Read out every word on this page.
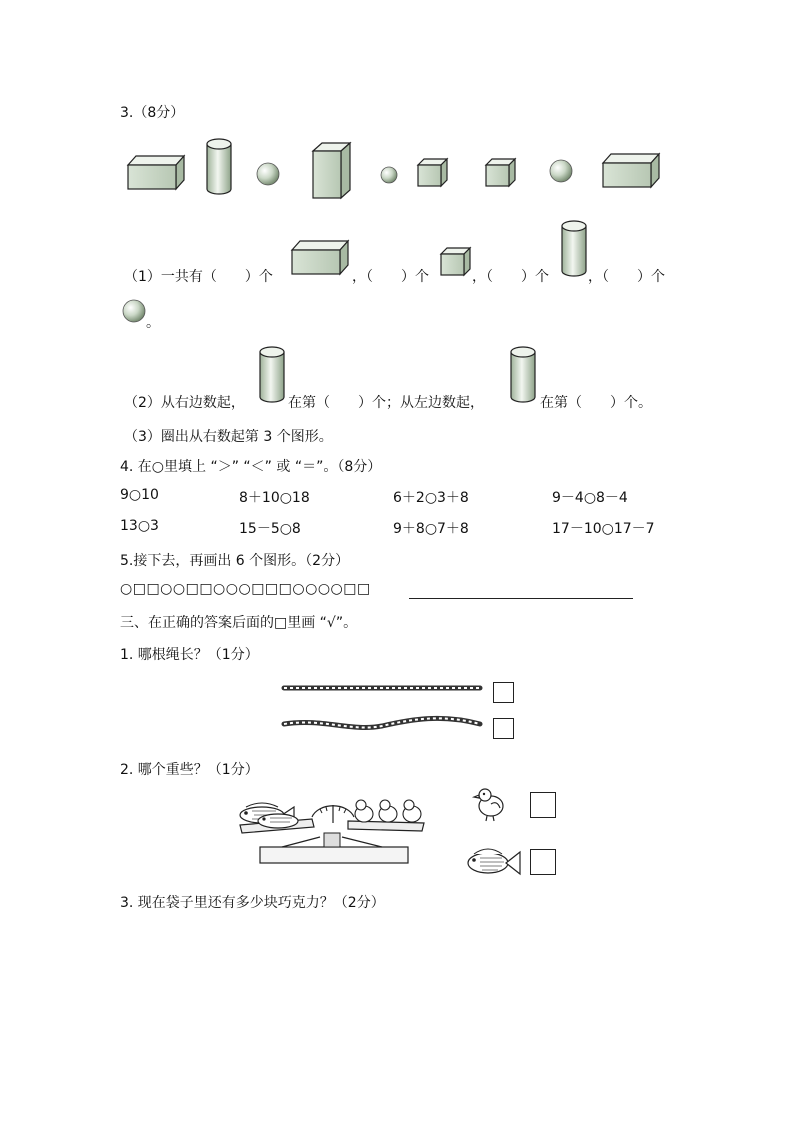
3.（8分）
（1）一共有（　　）个	，（　　）个	，（　　）个	，（　　）个
。
（2）从右边数起，	在第（　　）个；从左边数起，	在第（　　）个。
（3）圈出从右数起第 3 个图形。
4. 在○里填上 “＞” “＜” 或 “＝”。（8分）
9○10	8＋10○18	6＋2○3＋8	9－4○8－4
13○3	15－5○8	9＋8○7＋8	17－10○17－7
5.接下去，再画出 6 个图形。（2分）
○□□○○□□○○○□□□○○○○□□
三、在正确的答案后面的□里画 “√”。
1. 哪根绳长？（1分）
2. 哪个重些？（1分）
3. 现在袋子里还有多少块巧克力？（2分）
